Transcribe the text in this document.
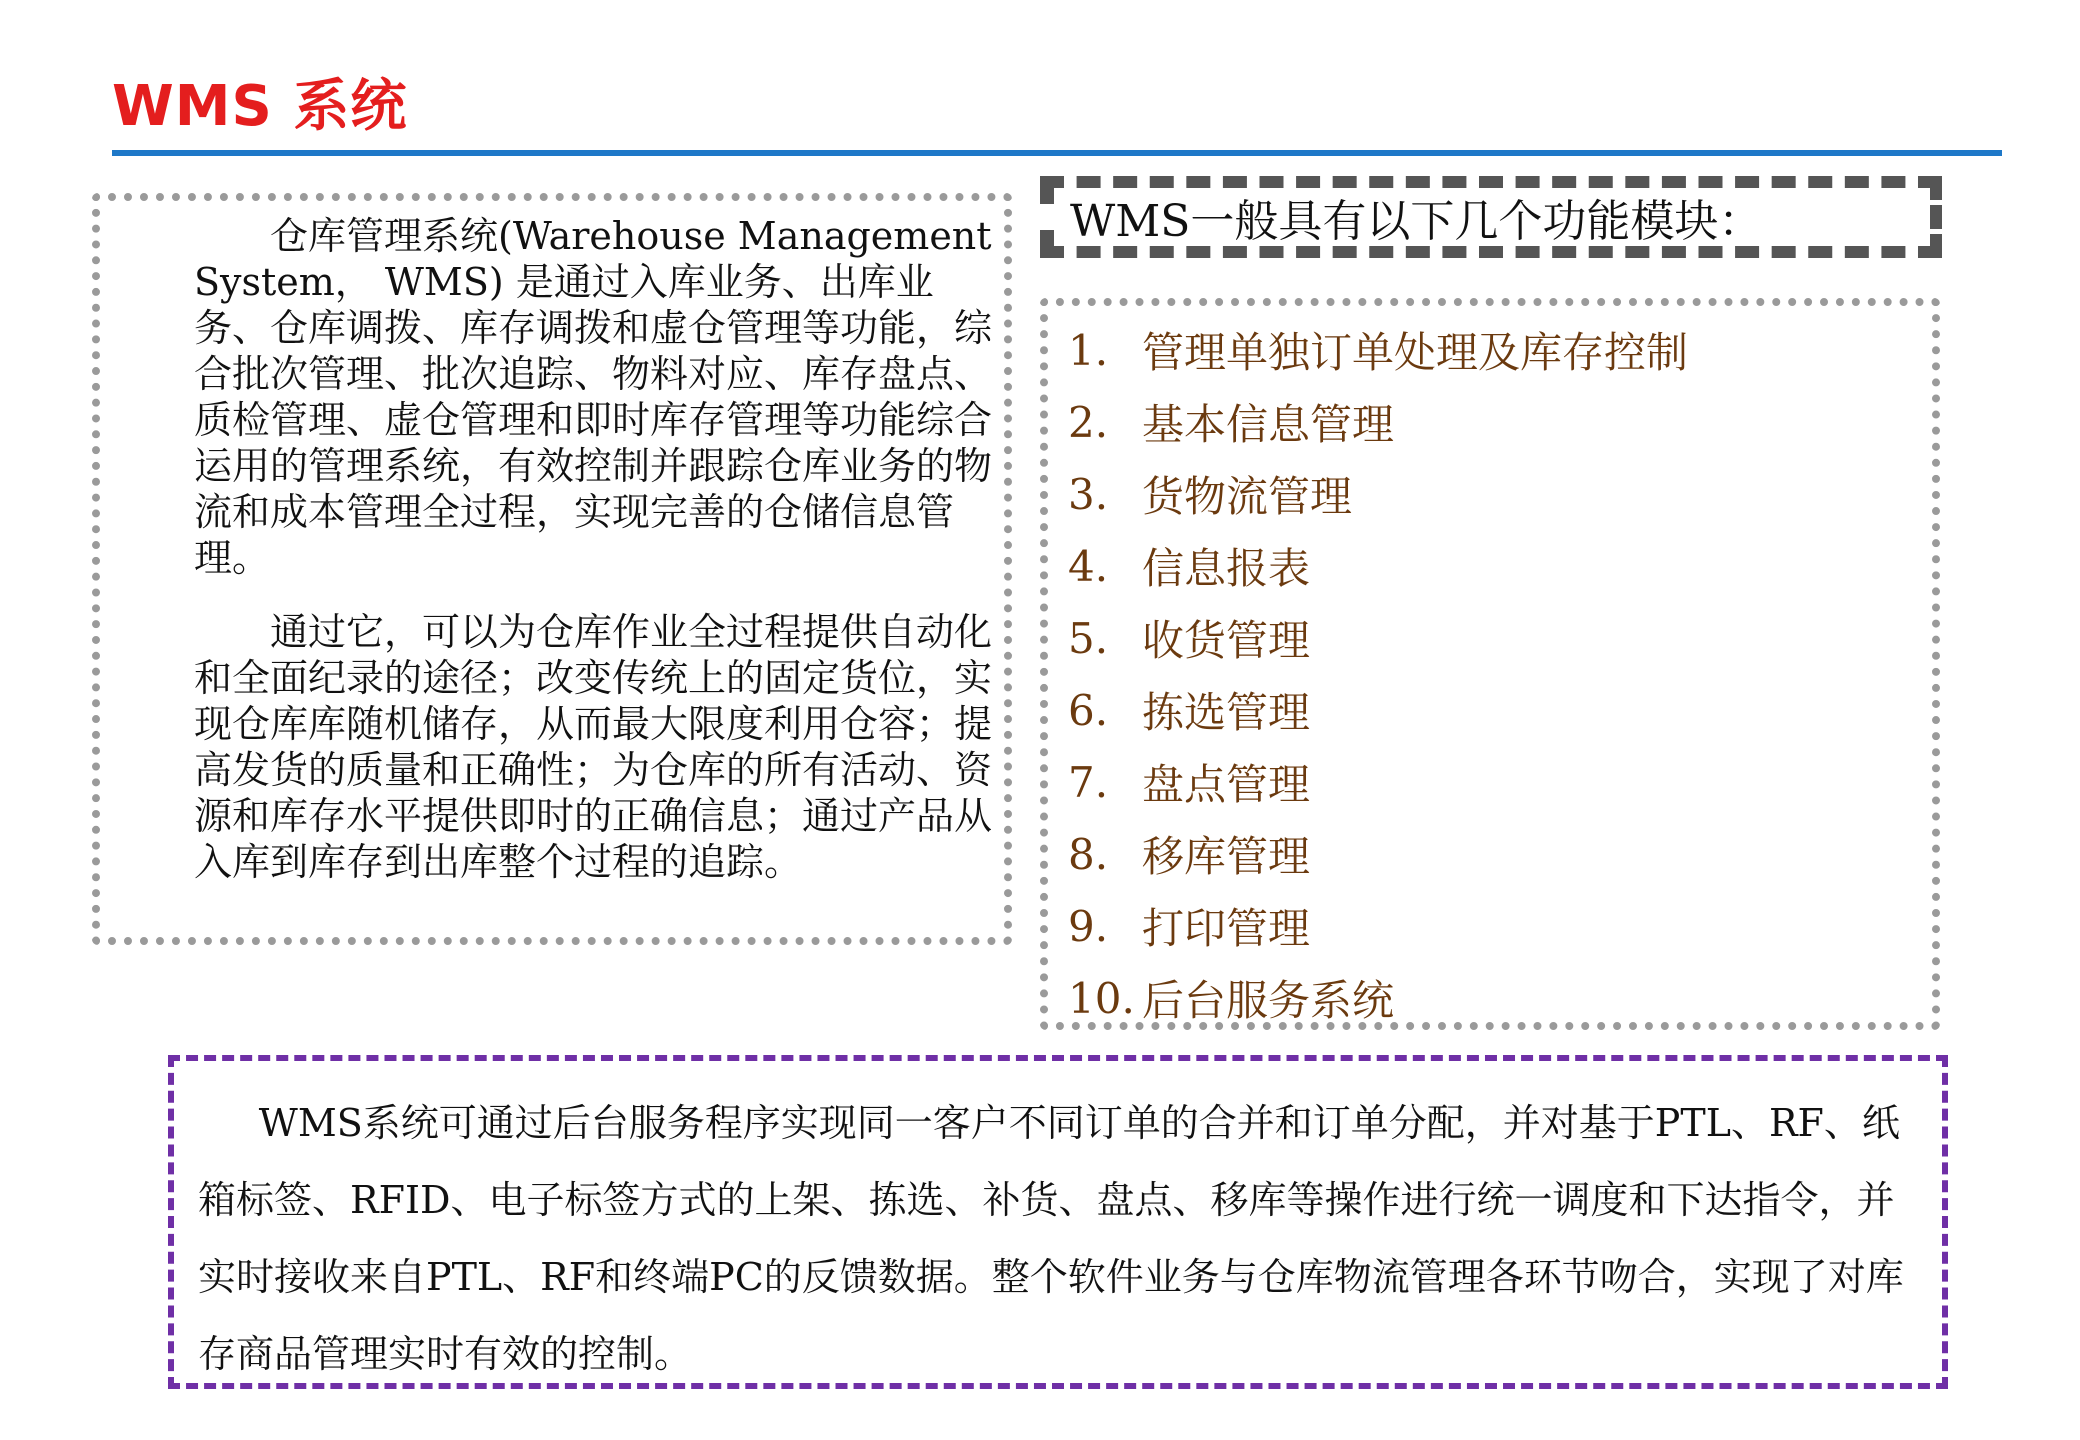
WMS 系统

仓库管理系统(Warehouse Management System， WMS) 是通过入库业务、出库业务、仓库调拨、库存调拨和虚仓管理等功能，综合批次管理、批次追踪、物料对应、库存盘点、质检管理、虚仓管理和即时库存管理等功能综合运用的管理系统，有效控制并跟踪仓库业务的物流和成本管理全过程，实现完善的仓储信息管理。

通过它，可以为仓库作业全过程提供自动化和全面纪录的途径；改变传统上的固定货位，实现仓库库随机储存，从而最大限度利用仓容；提高发货的质量和正确性；为仓库的所有活动、资源和库存水平提供即时的正确信息；通过产品从入库到库存到出库整个过程的追踪。

WMS一般具有以下几个功能模块：
1. 管理单独订单处理及库存控制
2. 基本信息管理
3. 货物流管理
4. 信息报表
5. 收货管理
6. 拣选管理
7. 盘点管理
8. 移库管理
9. 打印管理
10. 后台服务系统

WMS系统可通过后台服务程序实现同一客户不同订单的合并和订单分配，并对基于PTL、RF、纸箱标签、RFID、电子标签方式的上架、拣选、补货、盘点、移库等操作进行统一调度和下达指令，并实时接收来自PTL、RF和终端PC的反馈数据。整个软件业务与仓库物流管理各环节吻合，实现了对库存商品管理实时有效的控制。
